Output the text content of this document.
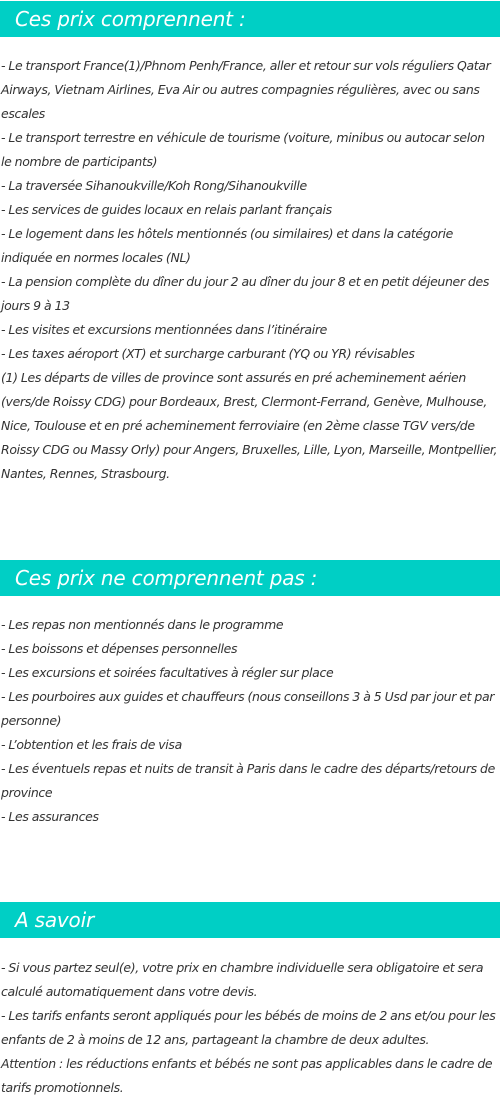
Ces prix comprennent :
- Le transport France(1)/Phnom Penh/France, aller et retour sur vols réguliers Qatar Airways, Vietnam Airlines, Eva Air ou autres compagnies régulières, avec ou sans escales
- Le transport terrestre en véhicule de tourisme (voiture, minibus ou autocar selon le nombre de participants)
- La traversée Sihanoukville/Koh Rong/Sihanoukville
- Les services de guides locaux en relais parlant français
- Le logement dans les hôtels mentionnés (ou similaires) et dans la catégorie indiquée en normes locales (NL)
- La pension complète du dîner du jour 2 au dîner du jour 8 et en petit déjeuner des jours 9 à 13
- Les visites et excursions mentionnées dans l’itinéraire
- Les taxes aéroport (XT) et surcharge carburant (YQ ou YR) révisables
(1) Les départs de villes de province sont assurés en pré acheminement aérien (vers/de Roissy CDG) pour Bordeaux, Brest, Clermont-Ferrand, Genève, Mulhouse, Nice, Toulouse et en pré acheminement ferroviaire (en 2ème classe TGV vers/de Roissy CDG ou Massy Orly) pour Angers, Bruxelles, Lille, Lyon, Marseille, Montpellier, Nantes, Rennes, Strasbourg.
Ces prix ne comprennent pas :
- Les repas non mentionnés dans le programme
- Les boissons et dépenses personnelles
- Les excursions et soirées facultatives à régler sur place
- Les pourboires aux guides et chauffeurs (nous conseillons 3 à 5 Usd par jour et par personne)
- L’obtention et les frais de visa
- Les éventuels repas et nuits de transit à Paris dans le cadre des départs/retours de province
- Les assurances
A savoir
- Si vous partez seul(e), votre prix en chambre individuelle sera obligatoire et sera calculé automatiquement dans votre devis.
- Les tarifs enfants seront appliqués pour les bébés de moins de 2 ans et/ou pour les enfants de 2 à moins de 12 ans, partageant la chambre de deux adultes.
Attention : les réductions enfants et bébés ne sont pas applicables dans le cadre de tarifs promotionnels.
